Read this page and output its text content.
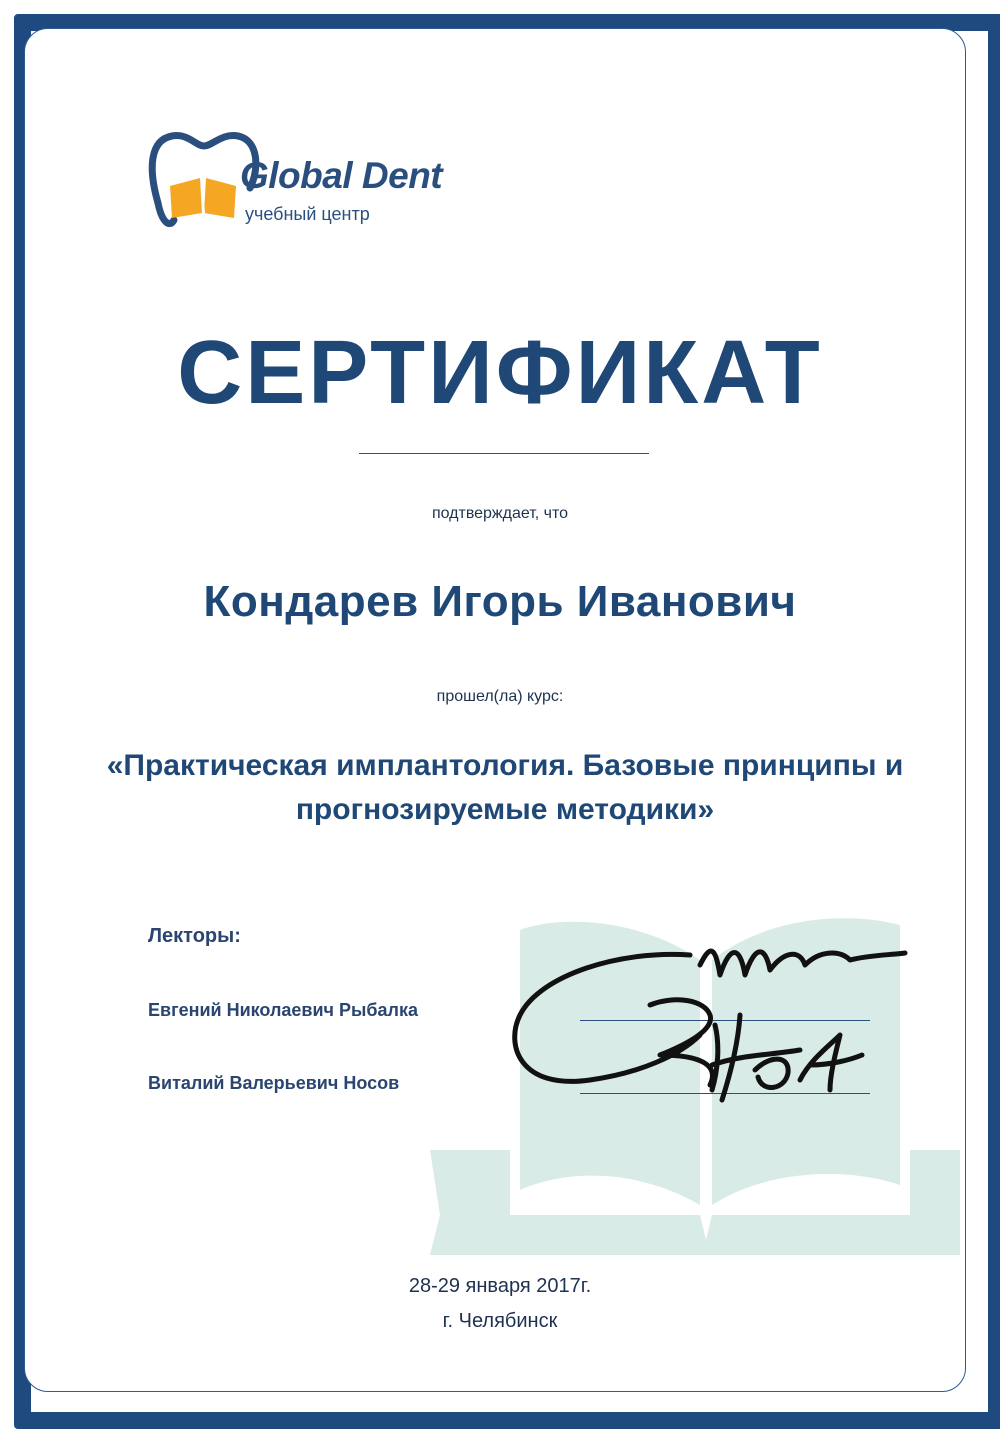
Global Dent
учебный центр
СЕРТИФИКАТ
подтверждает, что
Кондарев Игорь Иванович
прошел(ла) курс:
«Практическая имплантология. Базовые принципы и
прогнозируемые методики»
Лекторы:
Евгений Николаевич Рыбалка
Виталий Валерьевич Носов
28-29 января 2017г.
г. Челябинск
